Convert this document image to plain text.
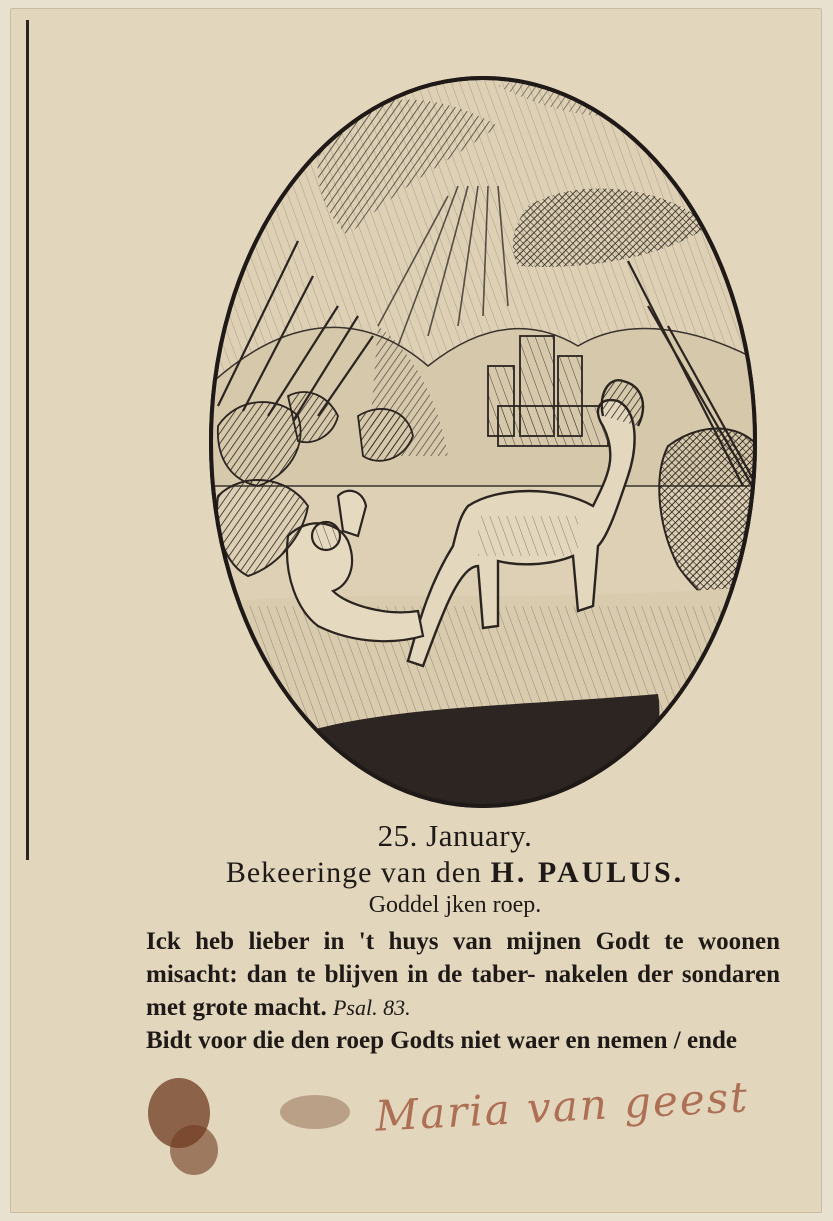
25. January.
Bekeeringe van den H. PAULUS.
Goddel jken roep.
Ick heb lieber in 't huys van mijnen Godt te woonen misacht: dan te blijven in de taber- nakelen der sondaren met grote macht. Psal. 83.
Bidt voor die den roep Godts niet waer en nemen / ende
Maria van geest
